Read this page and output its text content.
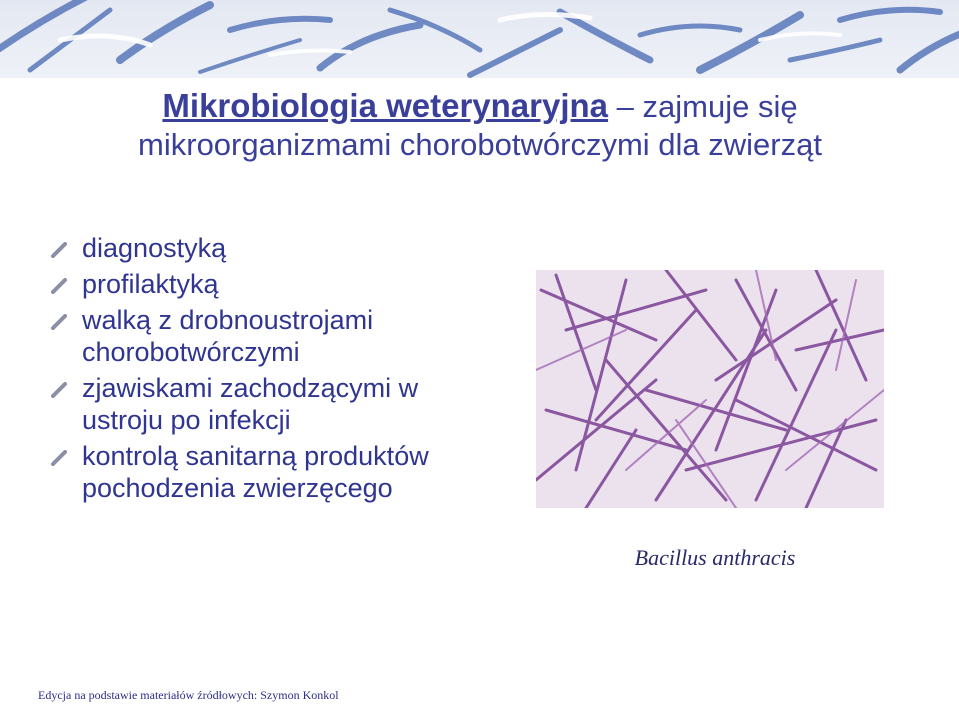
Mikrobiologia weterynaryjna – zajmuje się mikroorganizmami chorobotwórczymi dla zwierząt
diagnostyką
profilaktyką
walką z drobnoustrojami chorobotwórczymi
zjawiskami zachodzącymi w ustroju po infekcji
kontrolą sanitarną produktów pochodzenia zwierzęcego
Bacillus anthracis
Edycja na podstawie materiałów źródłowych: Szymon Konkol
